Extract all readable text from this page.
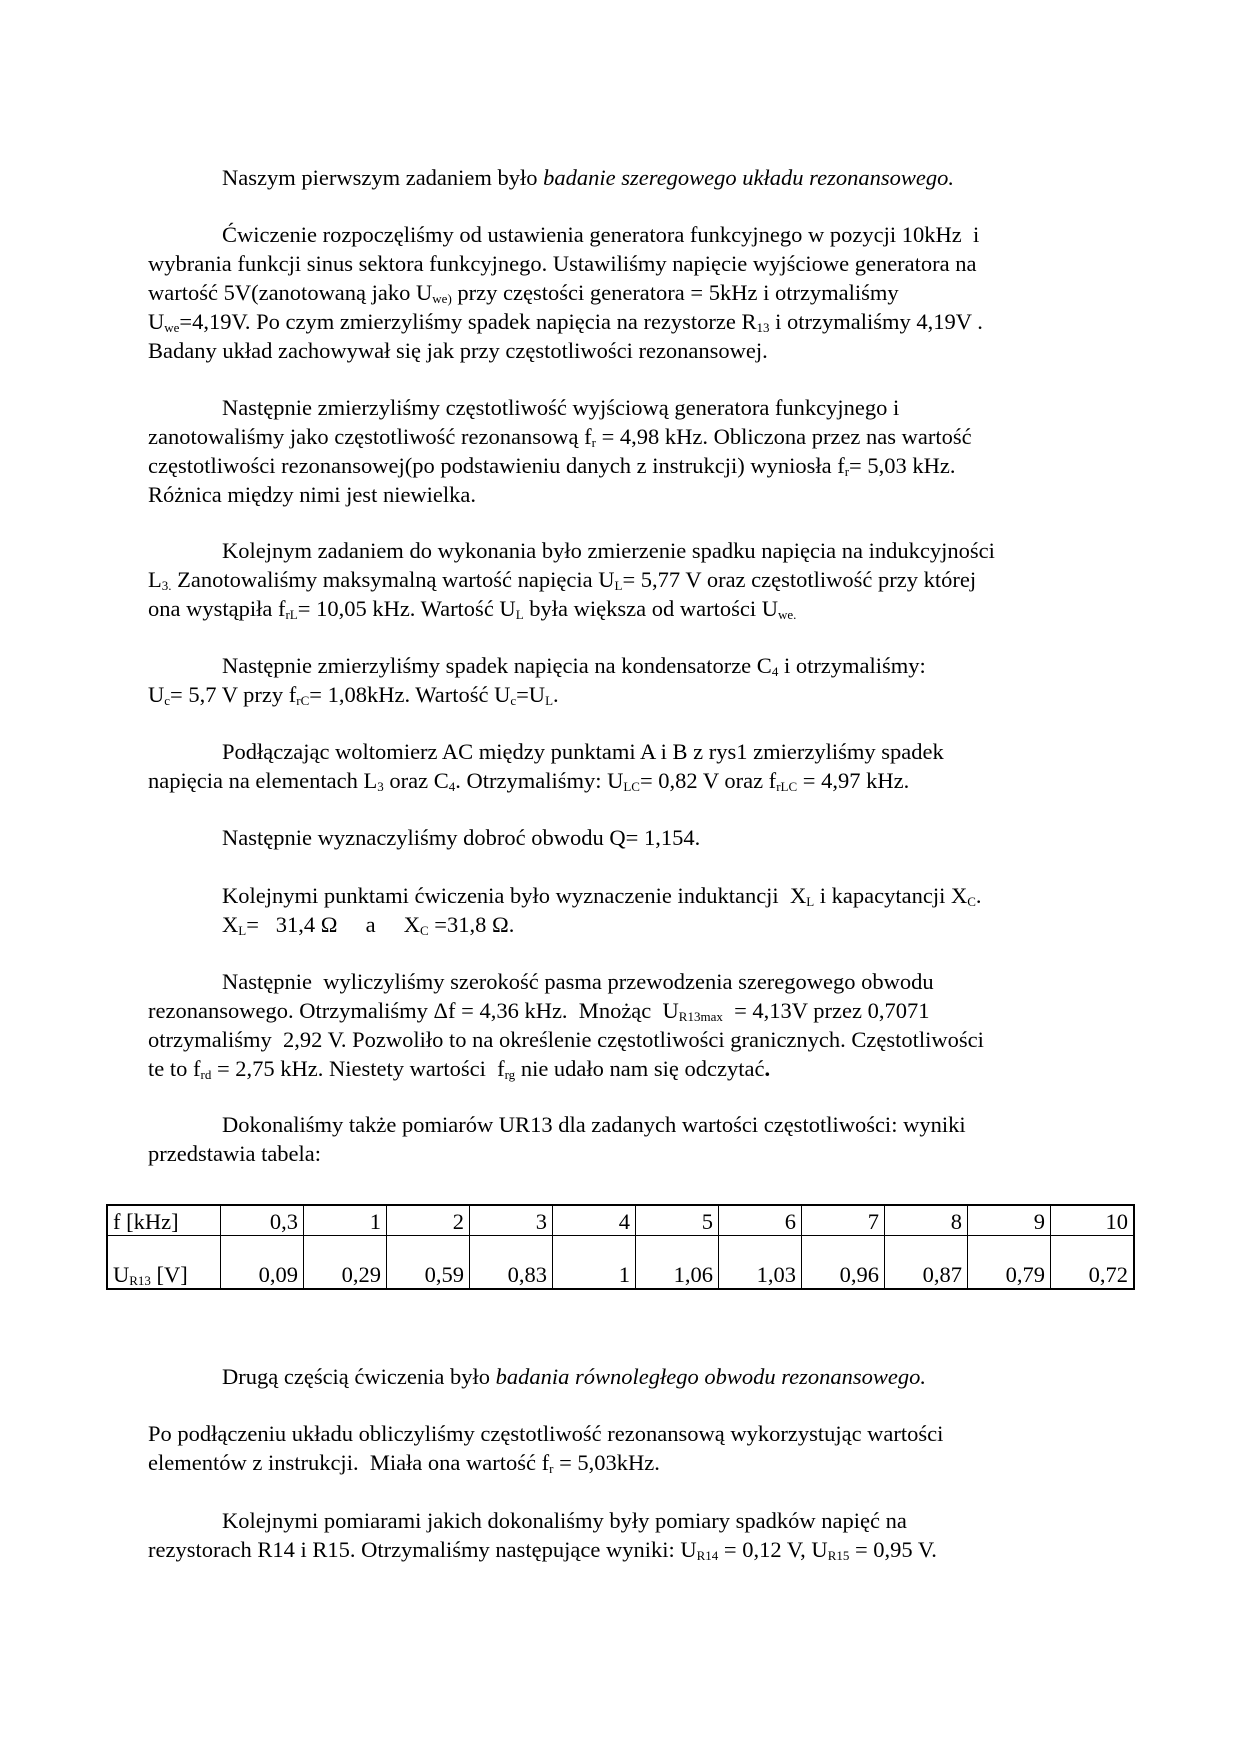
Naszym pierwszym zadaniem było badanie szeregowego układu rezonansowego.
Ćwiczenie rozpoczęliśmy od ustawienia generatora funkcyjnego w pozycji 10kHz  i
wybrania funkcji sinus sektora funkcyjnego. Ustawiliśmy napięcie wyjściowe generatora na
wartość 5V(zanotowaną jako $U_{we)}$ przy częstości generatora = 5kHz i otrzymaliśmy
$U_{we}=4,19V$. Po czym zmierzyliśmy spadek napięcia na rezystorze $R_{13}$ i otrzymaliśmy 4,19V .
Badany układ zachowywał się jak przy częstotliwości rezonansowej.
Następnie zmierzyliśmy częstotliwość wyjściową generatora funkcyjnego i
zanotowaliśmy jako częstotliwość rezonansową $f_r = 4,98$ kHz. Obliczona przez nas wartość
częstotliwości rezonansowej(po podstawieniu danych z instrukcji) wyniosła $f_r= 5,03$ kHz.
Różnica między nimi jest niewielka.
Kolejnym zadaniem do wykonania było zmierzenie spadku napięcia na indukcyjności
$L_{3.}$ Zanotowaliśmy maksymalną wartość napięcia $U_L= 5,77$ V oraz częstotliwość przy której
ona wystąpiła $f_{rL}= 10,05$ kHz. Wartość $U_L$ była większa od wartości $U_{we.}$
Następnie zmierzyliśmy spadek napięcia na kondensatorze $C_4$ i otrzymaliśmy:
$U_c= 5,7$ V przy $f_{rC}= 1,08kHz$. Wartość $U_c=U_L$.
Podłączając woltomierz AC między punktami A i B z rys1 zmierzyliśmy spadek
napięcia na elementach $L_3$ oraz $C_4$. Otrzymaliśmy: $U_{LC}= 0,82$ V oraz $f_{rLC} = 4,97$ kHz.
Następnie wyznaczyliśmy dobroć obwodu Q= 1,154.
Kolejnymi punktami ćwiczenia było wyznaczenie induktancji  $X_L$ i kapacytancji $X_C$.
$X_L= 31,4$ Ω     a     $X_C =31,8$ Ω.
Następnie  wyliczyliśmy szerokość pasma przewodzenia szeregowego obwodu
rezonansowego. Otrzymaliśmy Δf = 4,36 kHz.  Mnożąc  $U_{R13max} = 4,13V$ przez 0,7071
otrzymaliśmy  2,92 V. Pozwoliło to na określenie częstotliwości granicznych. Częstotliwości
te to $f_{rd} = 2,75$ kHz. Niestety wartości  $f_{rg}$ nie udało nam się odczytać.
Dokonaliśmy także pomiarów UR13 dla zadanych wartości częstotliwości: wyniki
przedstawia tabela:
Drugą częścią ćwiczenia było badania równoległego obwodu rezonansowego.
Po podłączeniu układu obliczyliśmy częstotliwość rezonansową wykorzystując wartości
elementów z instrukcji.  Miała ona wartość $f_r = 5,03kHz$.
Kolejnymi pomiarami jakich dokonaliśmy były pomiary spadków napięć na
rezystorach R14 i R15. Otrzymaliśmy następujące wyniki: $U_{R14} = 0,12$ V, $U_{R15} = 0,95$ V.
f [kHz]	0,3	1	2	3	4	5	6	7	8	9	10
$U_{R13}$ [V]	0,09	0,29	0,59	0,83	1	1,06	1,03	0,96	0,87	0,79	0,72
